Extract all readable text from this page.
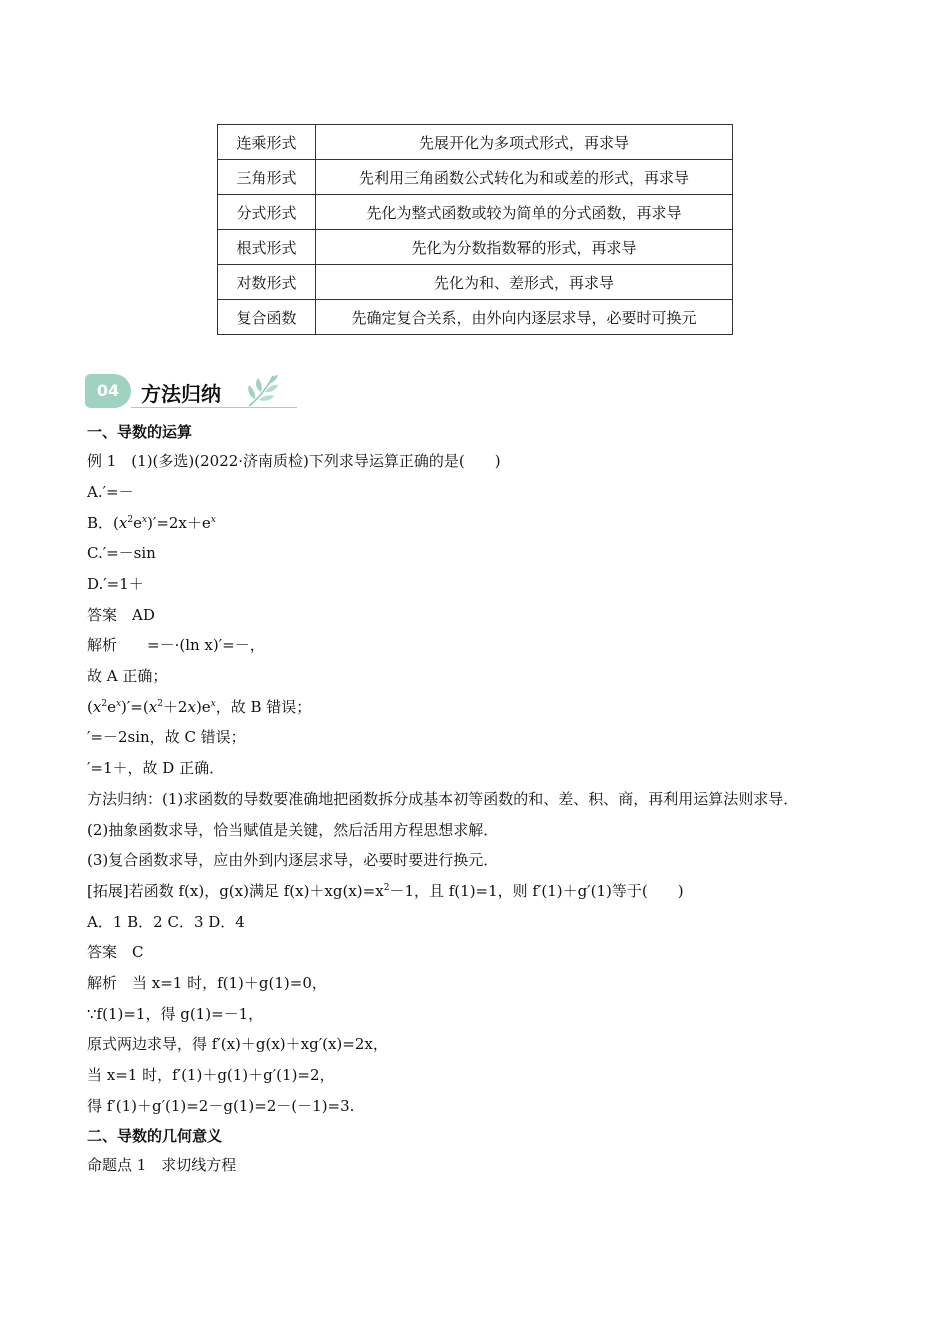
连乘形式	先展开化为多项式形式，再求导
三角形式	先利用三角函数公式转化为和或差的形式，再求导
分式形式	先化为整式函数或较为简单的分式函数，再求导
根式形式	先化为分数指数幂的形式，再求导
对数形式	先化为和、差形式，再求导
复合函数	先确定复合关系，由外向内逐层求导，必要时可换元
04	方法归纳
一、导数的运算
例 1　(1)(多选)(2022·济南质检)下列求导运算正确的是(　　)
A.′=－
B．$(x^2e^x)'=2x+e^x$
C.′=－sin
D.′=1＋
答案　AD
解析　　=－·(ln x)′=－，
故 A 正确；
$(x^2e^x)'=(x^2+2x)e^x$，故 B 错误；
′=－2sin，故 C 错误；
′=1＋，故 D 正确．
方法归纳：(1)求函数的导数要准确地把函数拆分成基本初等函数的和、差、积、商，再利用运算法则求导．
(2)抽象函数求导，恰当赋值是关键，然后活用方程思想求解．
(3)复合函数求导，应由外到内逐层求导，必要时要进行换元．
[拓展]若函数 f(x)，g(x)满足 $f(x)+xg(x)=x^2-1$，且 f(1)=1，则 f′(1)＋g′(1)等于(　　)
A．1 B．2 C．3 D．4
答案　C
解析　当 x=1 时，f(1)＋g(1)=0，
∵f(1)=1，得 g(1)=－1，
原式两边求导，得 f′(x)＋g(x)＋xg′(x)=2x，
当 x=1 时，f′(1)＋g(1)＋g′(1)=2，
得 f′(1)＋g′(1)=2－g(1)=2－(－1)=3.
二、导数的几何意义
命题点 1　求切线方程
